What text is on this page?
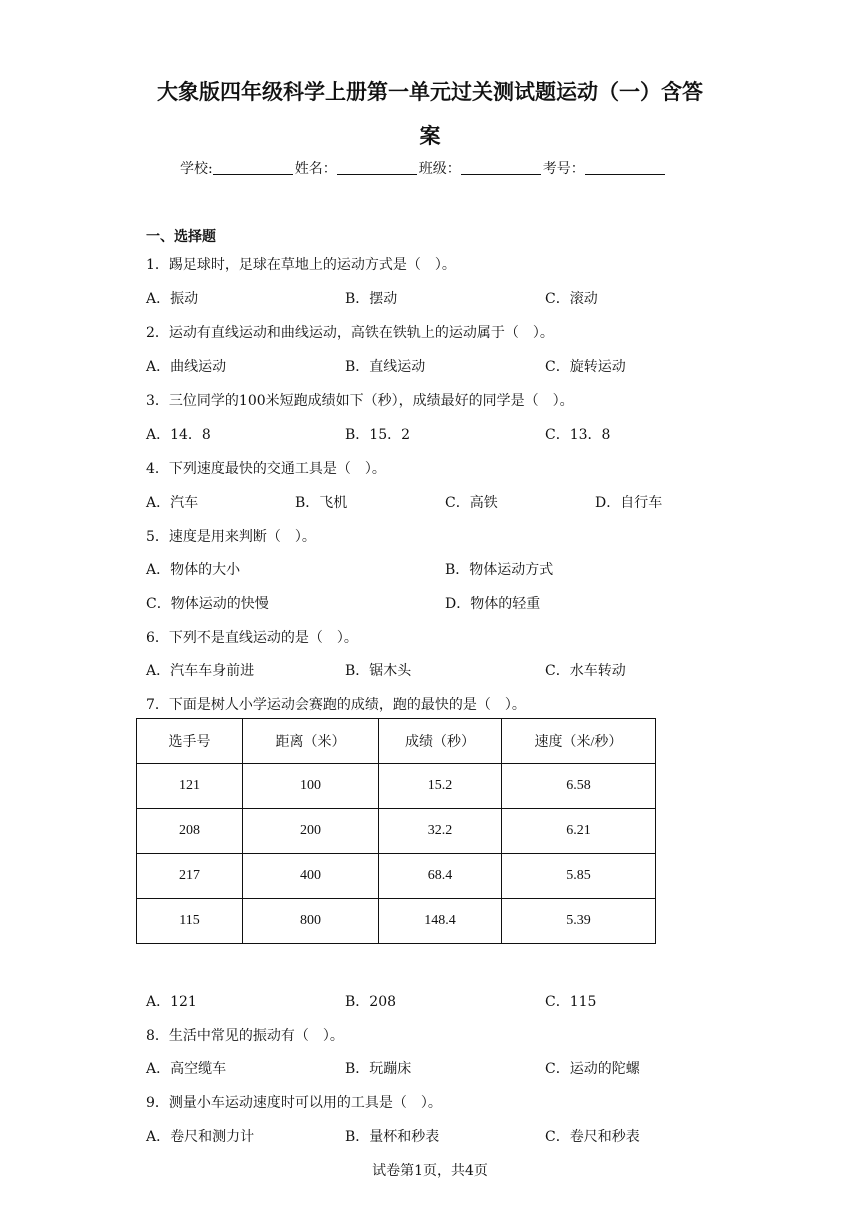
大象版四年级科学上册第一单元过关测试题运动（一）含答
案
学校:	姓名：	班级：	考号：
一、选择题
1．踢足球时，足球在草地上的运动方式是（　）。
A．振动	B．摆动	C．滚动
2．运动有直线运动和曲线运动，高铁在铁轨上的运动属于（　）。
A．曲线运动	B．直线运动	C．旋转运动
3．三位同学的100米短跑成绩如下（秒），成绩最好的同学是（　）。
A．14．8	B．15．2	C．13．8
4．下列速度最快的交通工具是（　）。
A．汽车	B．飞机	C．高铁	D．自行车
5．速度是用来判断（　）。
A．物体的大小	B．物体运动方式
C．物体运动的快慢	D．物体的轻重
6．下列不是直线运动的是（　）。
A．汽车车身前进	B．锯木头	C．水车转动
7．下面是树人小学运动会赛跑的成绩，跑的最快的是（　）。
选手号	距离（米）	成绩（秒）	速度（米/秒）
121	100	15.2	6.58
208	200	32.2	6.21
217	400	68.4	5.85
115	800	148.4	5.39
A．121	B．208	C．115
8．生活中常见的振动有（　）。
A．高空缆车	B．玩蹦床	C．运动的陀螺
9．测量小车运动速度时可以用的工具是（　）。
A．卷尺和测力计	B．量杯和秒表	C．卷尺和秒表
试卷第1页，共4页
